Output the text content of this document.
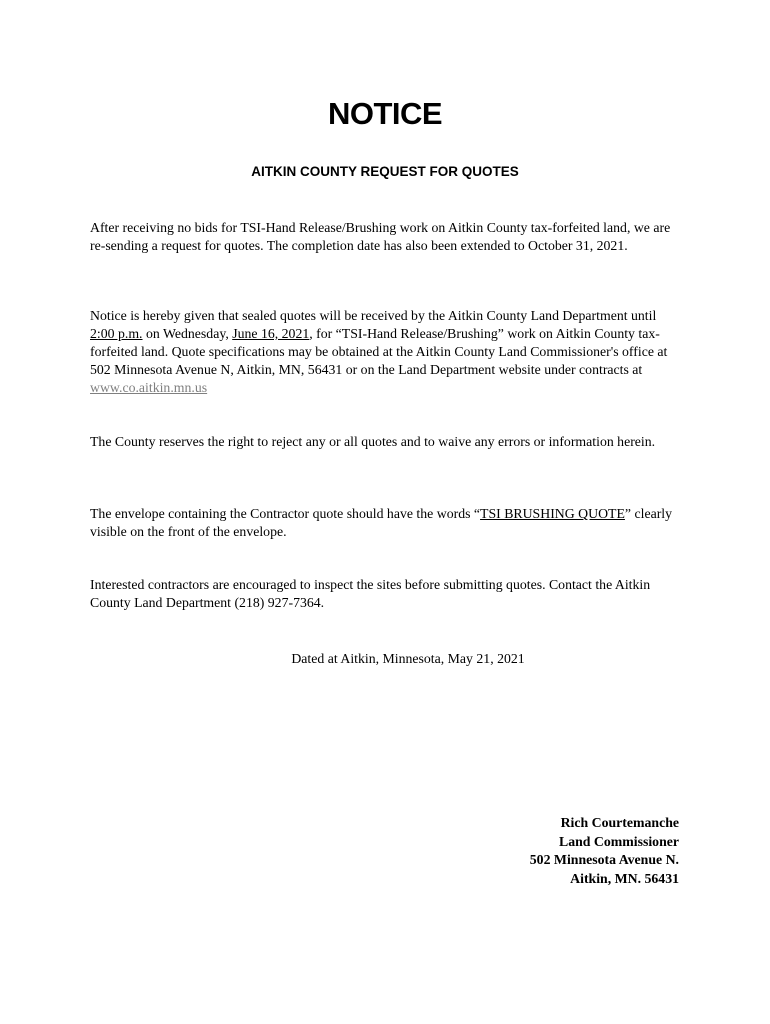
NOTICE
AITKIN COUNTY REQUEST FOR QUOTES

After receiving no bids for TSI-Hand Release/Brushing work on Aitkin County tax-forfeited land, we are re-sending a request for quotes. The completion date has also been extended to October 31, 2021.

Notice is hereby given that sealed quotes will be received by the Aitkin County Land Department until 2:00 p.m. on Wednesday, June 16, 2021, for “TSI-Hand Release/Brushing” work on Aitkin County tax-forfeited land. Quote specifications may be obtained at the Aitkin County Land Commissioner's office at 502 Minnesota Avenue N, Aitkin, MN, 56431 or on the Land Department website under contracts at www.co.aitkin.mn.us

The County reserves the right to reject any or all quotes and to waive any errors or information herein.

The envelope containing the Contractor quote should have the words “TSI BRUSHING QUOTE” clearly visible on the front of the envelope.

Interested contractors are encouraged to inspect the sites before submitting quotes. Contact the Aitkin County Land Department (218) 927-7364.

Dated at Aitkin, Minnesota, May 21, 2021
Rich Courtemanche
Land Commissioner
502 Minnesota Avenue N.
Aitkin, MN. 56431
